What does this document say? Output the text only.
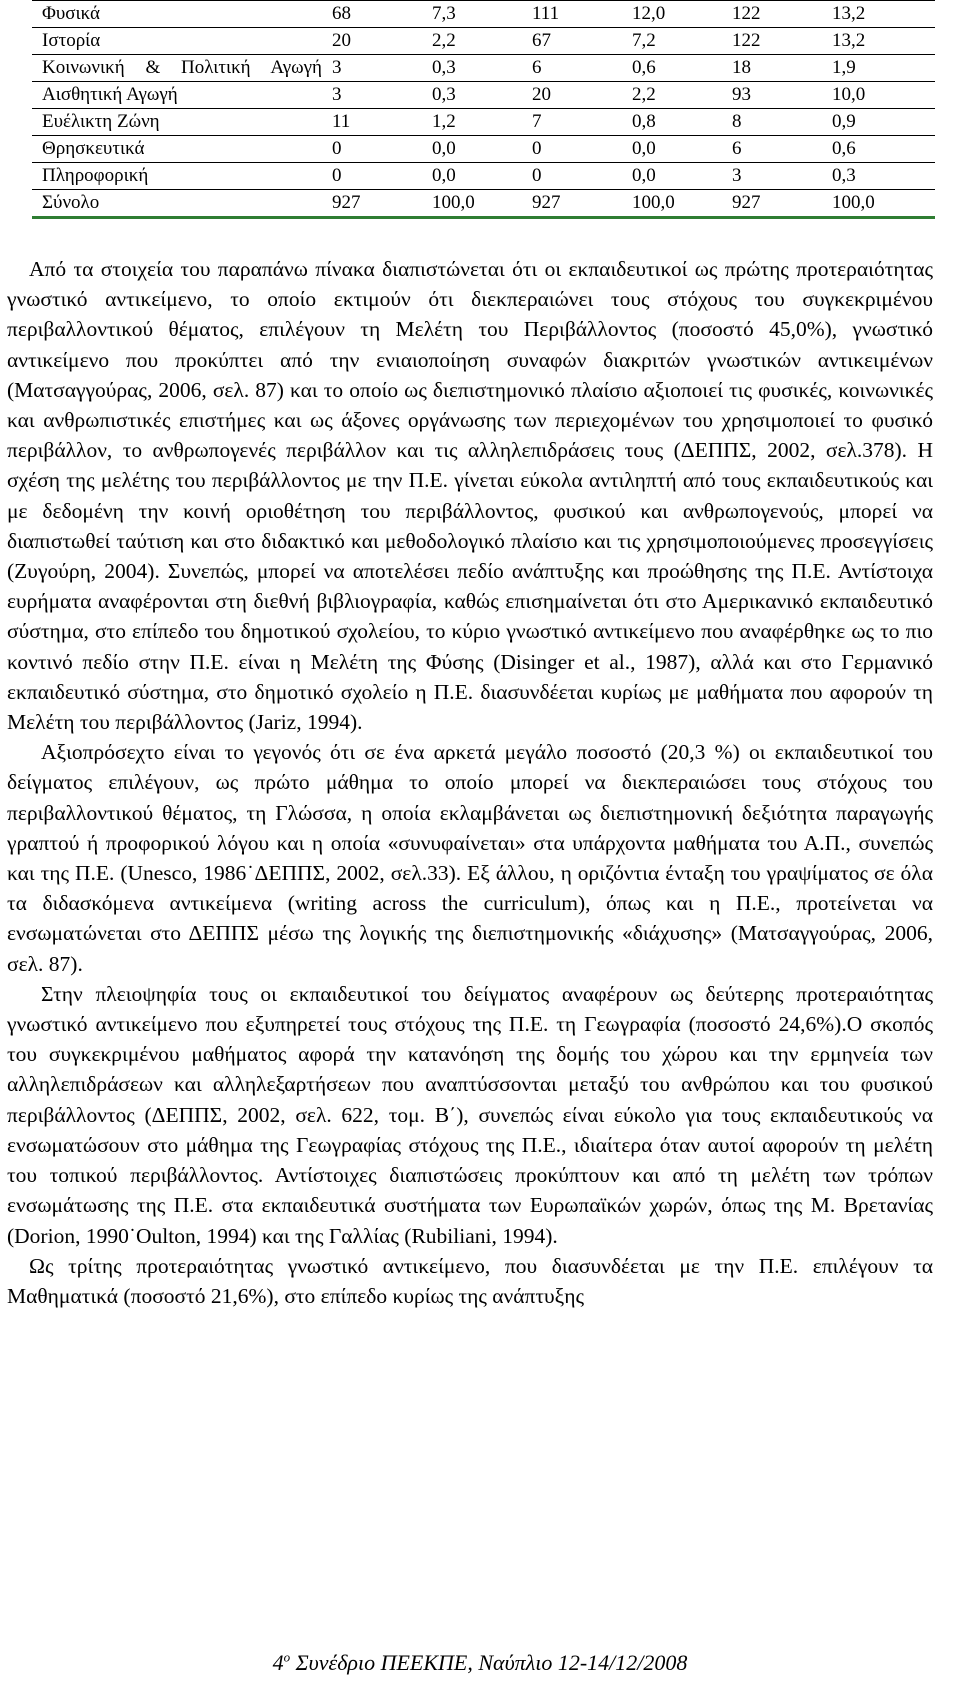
Φυσικά	68	7,3	111	12,0	122	13,2	
Ιστορία	20	2,2	67	7,2	122	13,2	
Κοινωνική & Πολιτική Αγωγή	3	0,3	6	0,6	18	1,9	
Αισθητική Αγωγή	3	0,3	20	2,2	93	10,0	
Ευέλικτη Ζώνη	11	1,2	7	0,8	8	0,9	
Θρησκευτικά	0	0,0	0	0,0	6	0,6	
Πληροφορική	0	0,0	0	0,0	3	0,3	
Σύνολο	927	100,0	927	100,0	927	100,0	

Από τα στοιχεία του παραπάνω πίνακα διαπιστώνεται ότι οι εκπαιδευτικοί ως πρώτης προτεραιότητας γνωστικό αντικείμενο, το οποίο εκτιμούν ότι διεκπεραιώνει τους στόχους του συγκεκριμένου περιβαλλοντικού θέματος, επιλέγουν τη Μελέτη του Περιβάλλοντος (ποσοστό 45,0%), γνωστικό αντικείμενο που προκύπτει από την ενιαιοποίηση συναφών διακριτών γνωστικών αντικειμένων (Ματσαγγούρας, 2006, σελ. 87) και το οποίο ως διεπιστημονικό πλαίσιο αξιοποιεί τις φυσικές, κοινωνικές και ανθρωπιστικές επιστήμες και ως άξονες οργάνωσης των περιεχομένων του χρησιμοποιεί το φυσικό περιβάλλον, το ανθρωπογενές περιβάλλον και τις αλληλεπιδράσεις τους (ΔΕΠΠΣ, 2002, σελ.378). Η σχέση της μελέτης του περιβάλλοντος με την Π.Ε. γίνεται εύκολα αντιληπτή από τους εκπαιδευτικούς και με δεδομένη την κοινή οριοθέτηση του περιβάλλοντος, φυσικού και ανθρωπογενούς, μπορεί να διαπιστωθεί ταύτιση και στο διδακτικό και μεθοδολογικό πλαίσιο και τις χρησιμοποιούμενες προσεγγίσεις (Ζυγούρη, 2004). Συνεπώς, μπορεί να αποτελέσει πεδίο ανάπτυξης και προώθησης της Π.Ε. Αντίστοιχα ευρήματα αναφέρονται στη διεθνή βιβλιογραφία, καθώς επισημαίνεται ότι στο Αμερικανικό εκπαιδευτικό σύστημα, στο επίπεδο του δημοτικού σχολείου, το κύριο γνωστικό αντικείμενο που αναφέρθηκε ως το πιο κοντινό πεδίο στην Π.Ε. είναι η Μελέτη της Φύσης (Disinger et al., 1987), αλλά και στο Γερμανικό εκπαιδευτικό σύστημα, στο δημοτικό σχολείο η Π.Ε. διασυνδέεται κυρίως με μαθήματα που αφορούν τη Μελέτη του περιβάλλοντος (Jariz, 1994).

Αξιοπρόσεχτο είναι το γεγονός ότι σε ένα αρκετά μεγάλο ποσοστό (20,3 %) οι εκπαιδευτικοί του δείγματος επιλέγουν, ως πρώτο μάθημα το οποίο μπορεί να διεκπεραιώσει τους στόχους του περιβαλλοντικού θέματος, τη Γλώσσα, η οποία εκλαμβάνεται ως διεπιστημονική δεξιότητα παραγωγής γραπτού ή προφορικού λόγου και η οποία «συνυφαίνεται» στα υπάρχοντα μαθήματα του Α.Π., συνεπώς και της Π.Ε. (Unesco, 1986˙ΔΕΠΠΣ, 2002, σελ.33). Εξ άλλου, η οριζόντια ένταξη του γραψίματος σε όλα τα διδασκόμενα αντικείμενα (writing across the curriculum), όπως και η Π.Ε., προτείνεται να ενσωματώνεται στο ΔΕΠΠΣ μέσω της λογικής της διεπιστημονικής «διάχυσης» (Ματσαγγούρας, 2006, σελ. 87).

Στην πλειοψηφία τους οι εκπαιδευτικοί του δείγματος αναφέρουν ως δεύτερης προτεραιότητας γνωστικό αντικείμενο που εξυπηρετεί τους στόχους της Π.Ε. τη Γεωγραφία (ποσοστό 24,6%).Ο σκοπός του συγκεκριμένου μαθήματος αφορά την κατανόηση της δομής του χώρου και την ερμηνεία των αλληλεπιδράσεων και αλληλεξαρτήσεων που αναπτύσσονται μεταξύ του ανθρώπου και του φυσικού περιβάλλοντος (ΔΕΠΠΣ, 2002, σελ. 622, τομ. Β΄), συνεπώς είναι εύκολο για τους εκπαιδευτικούς να ενσωματώσουν στο μάθημα της Γεωγραφίας στόχους της Π.Ε., ιδιαίτερα όταν αυτοί αφορούν τη μελέτη του τοπικού περιβάλλοντος. Αντίστοιχες διαπιστώσεις προκύπτουν και από τη μελέτη των τρόπων ενσωμάτωσης της Π.Ε. στα εκπαιδευτικά συστήματα των Ευρωπαϊκών χωρών, όπως της Μ. Βρετανίας (Dorion, 1990˙Oulton, 1994) και της Γαλλίας (Rubiliani, 1994).

Ως τρίτης προτεραιότητας γνωστικό αντικείμενο, που διασυνδέεται με την Π.Ε. επιλέγουν τα Μαθηματικά (ποσοστό 21,6%), στο επίπεδο κυρίως της ανάπτυξης

$4^o$ Συνέδριο ΠΕΕΚΠΕ, Ναύπλιο 12-14/12/2008
